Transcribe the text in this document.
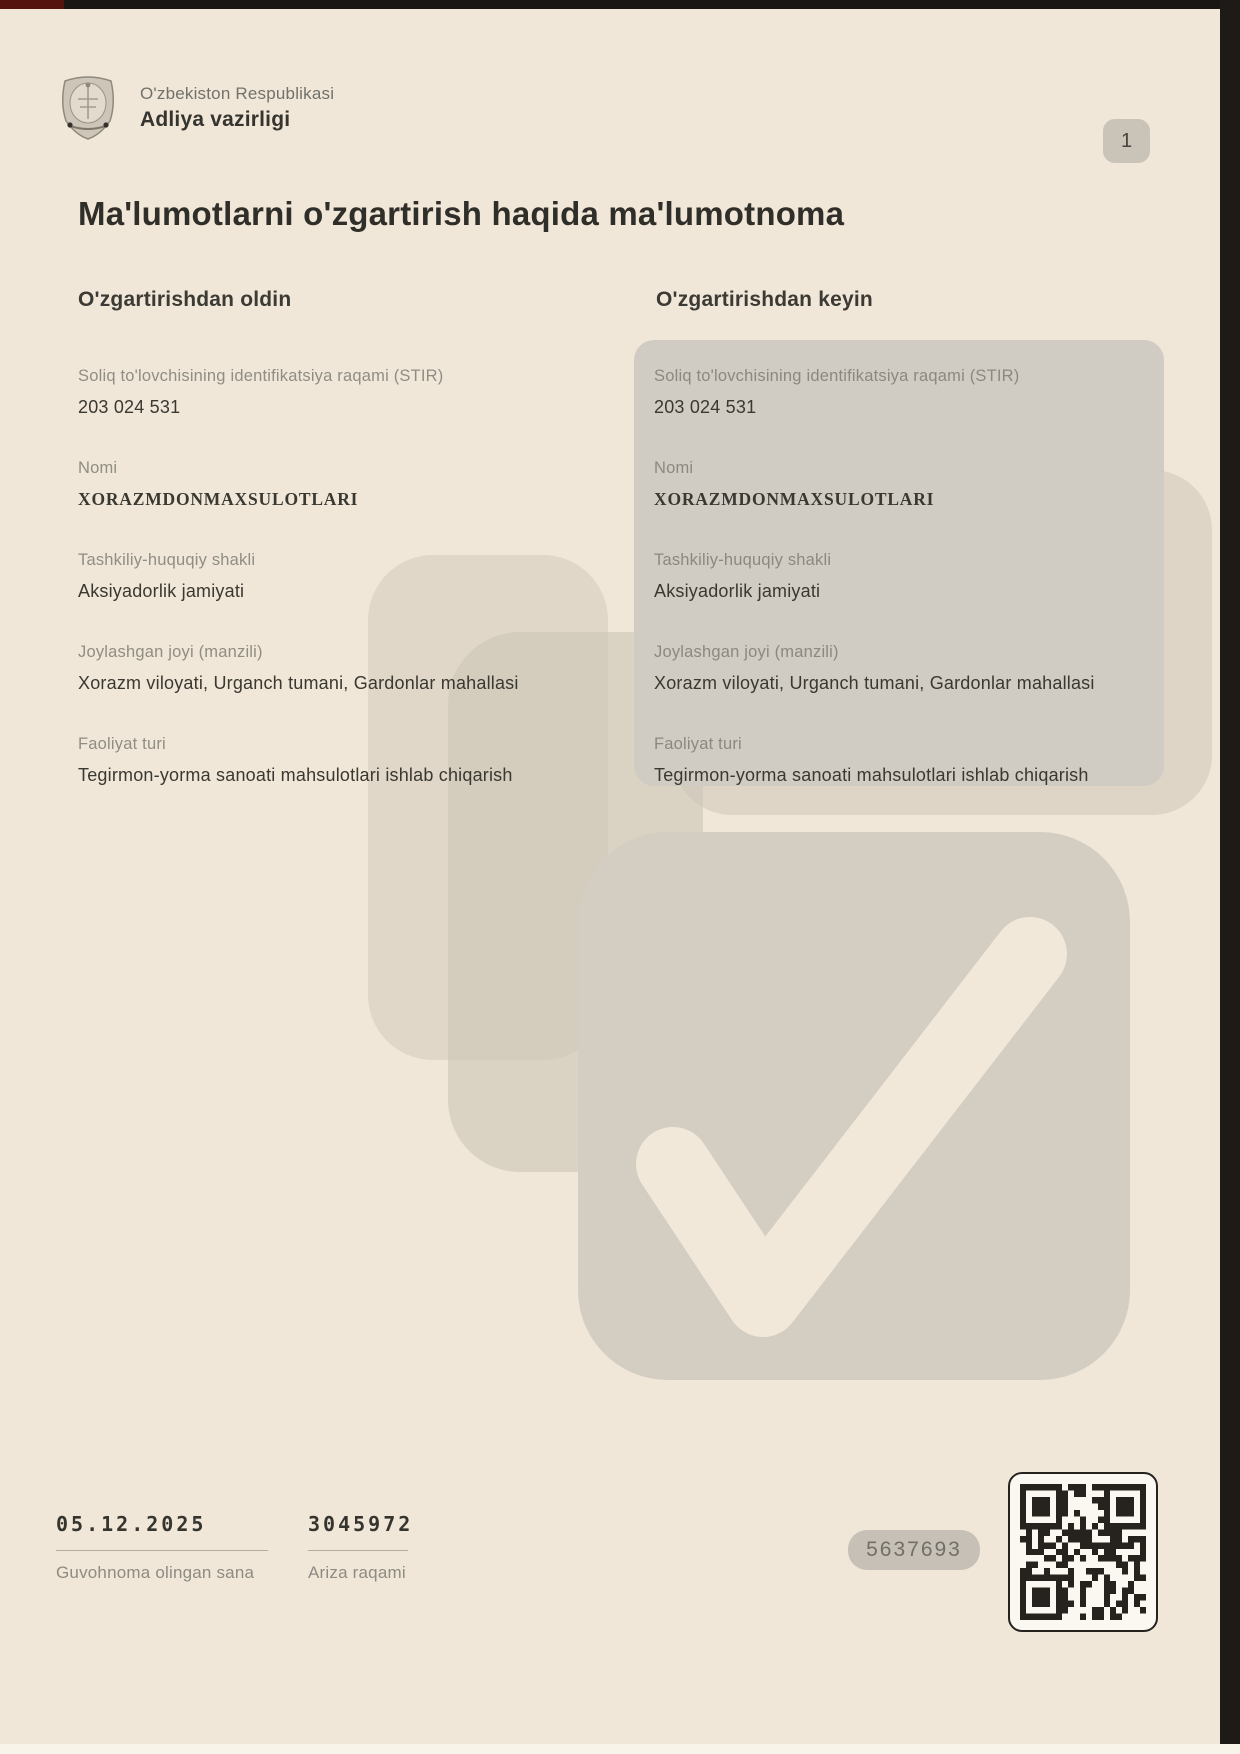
O'zbekiston Respublikasi
Adliya vazirligi
1
Ma'lumotlarni o'zgartirish haqida ma'lumotnoma
O'zgartirishdan oldin	O'zgartirishdan keyin
Soliq to'lovchisining identifikatsiya raqami (STIR)
203 024 531
Nomi
XORAZMDONMAXSULOTLARI
Tashkiliy-huquqiy shakli
Aksiyadorlik jamiyati
Joylashgan joyi (manzili)
Xorazm viloyati, Urganch tumani, Gardonlar mahallasi
Faoliyat turi
Tegirmon-yorma sanoati mahsulotlari ishlab chiqarish
Soliq to'lovchisining identifikatsiya raqami (STIR)
203 024 531
Nomi
XORAZMDONMAXSULOTLARI
Tashkiliy-huquqiy shakli
Aksiyadorlik jamiyati
Joylashgan joyi (manzili)
Xorazm viloyati, Urganch tumani, Gardonlar mahallasi
Faoliyat turi
Tegirmon-yorma sanoati mahsulotlari ishlab chiqarish
05.12.2025
Guvohnoma olingan sana
3045972
Ariza raqami
5637693
